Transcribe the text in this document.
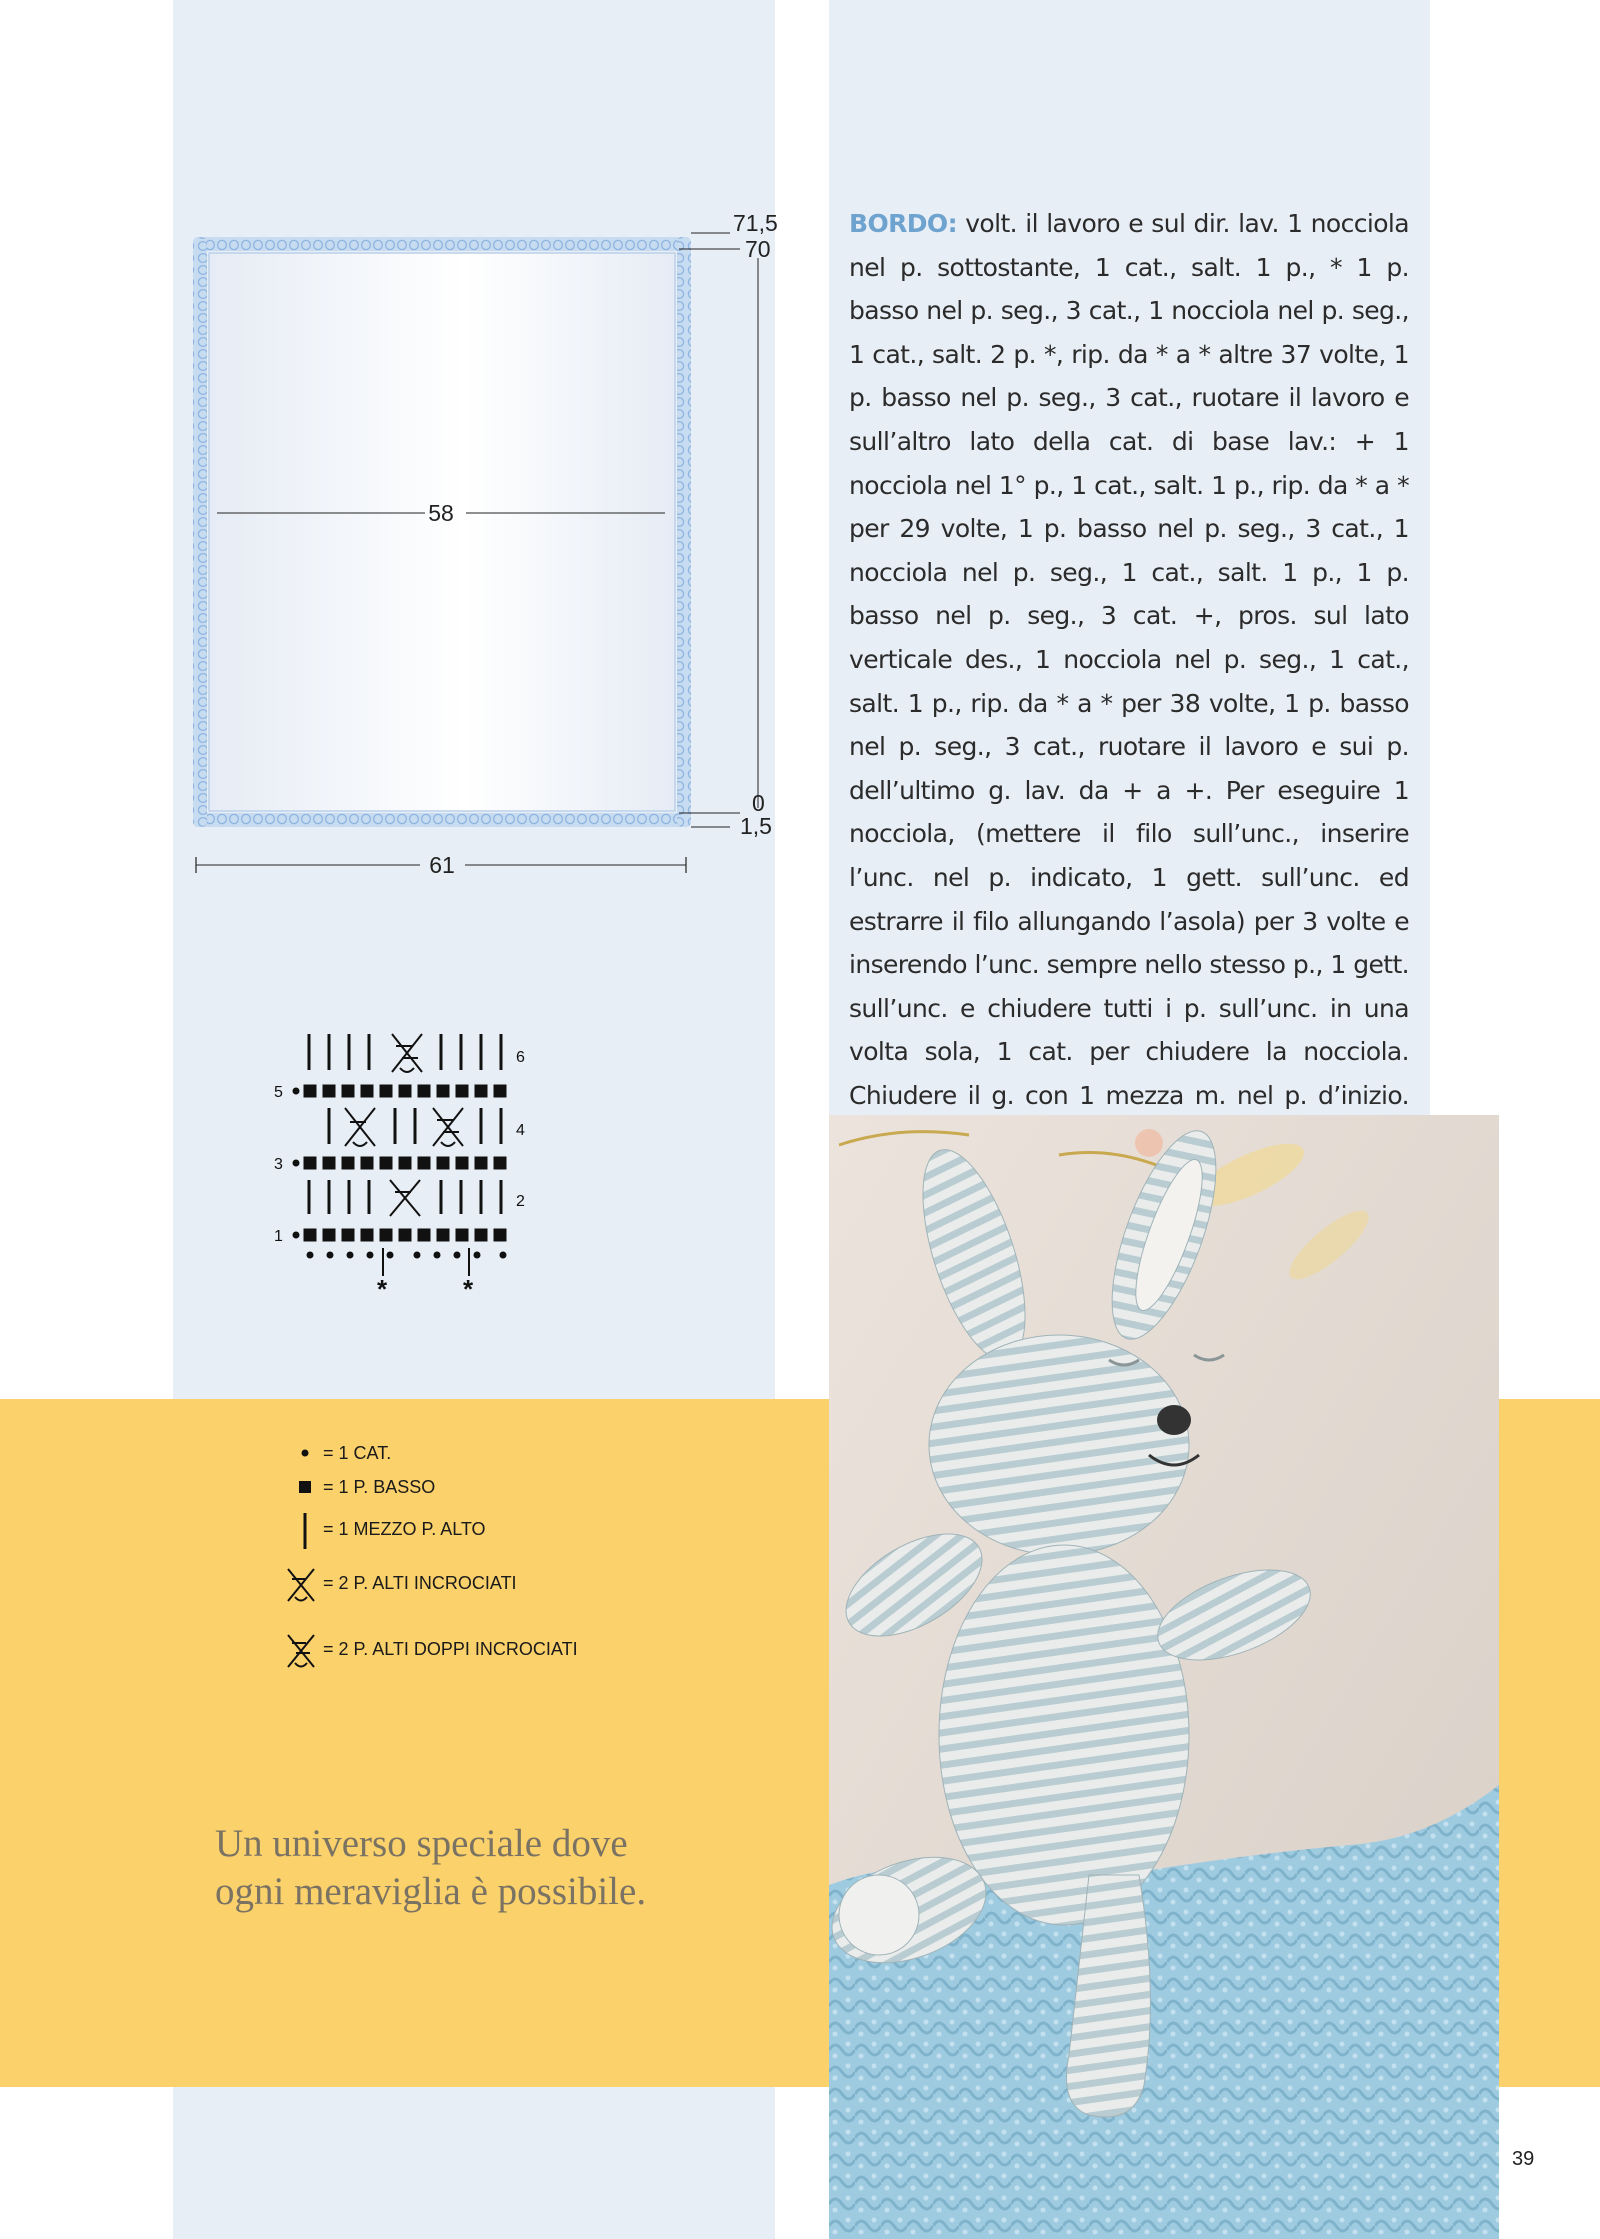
58
61
71,5
70
0
1,5
6
5
4
3
2
1
*	*
BORDO: volt. il lavoro e sul dir. lav. 1 nocciola nel p. sottostante, 1 cat., salt. 1 p., * 1 p. basso nel p. seg., 3 cat., 1 nocciola nel p. seg., 1 cat., salt. 2 p. *, rip. da * a * altre 37 volte, 1 p. basso nel p. seg., 3 cat., ruotare il lavoro e sull’altro lato della cat. di base lav.: + 1 nocciola nel 1° p., 1 cat., salt. 1 p., rip. da * a * per 29 volte, 1 p. basso nel p. seg., 3 cat., 1 nocciola nel p. seg., 1 cat., salt. 1 p., 1 p. basso nel p. seg., 3 cat. +, pros. sul lato verticale des., 1 nocciola nel p. seg., 1 cat., salt. 1 p., rip. da * a * per 38 volte, 1 p. basso nel p. seg., 3 cat., ruotare il lavoro e sui p. dell’ultimo g. lav. da + a +. Per eseguire 1 nocciola, (mettere il filo sull’unc., inserire l’unc. nel p. indicato, 1 gett. sull’unc. ed estrarre il filo allungando l’asola) per 3 volte e inserendo l’unc. sempre nello stesso p., 1 gett. sull’unc. e chiudere tutti i p. sull’unc. in una volta sola, 1 cat. per chiudere la nocciola. Chiudere il g. con 1 mezza m. nel p. d’inizio.
= 1 CAT.
= 1 P. BASSO
= 1 MEZZO P. ALTO
= 2 P. ALTI INCROCIATI
= 2 P. ALTI DOPPI INCROCIATI
Un universo speciale dove
ogni meraviglia è possibile.
39
